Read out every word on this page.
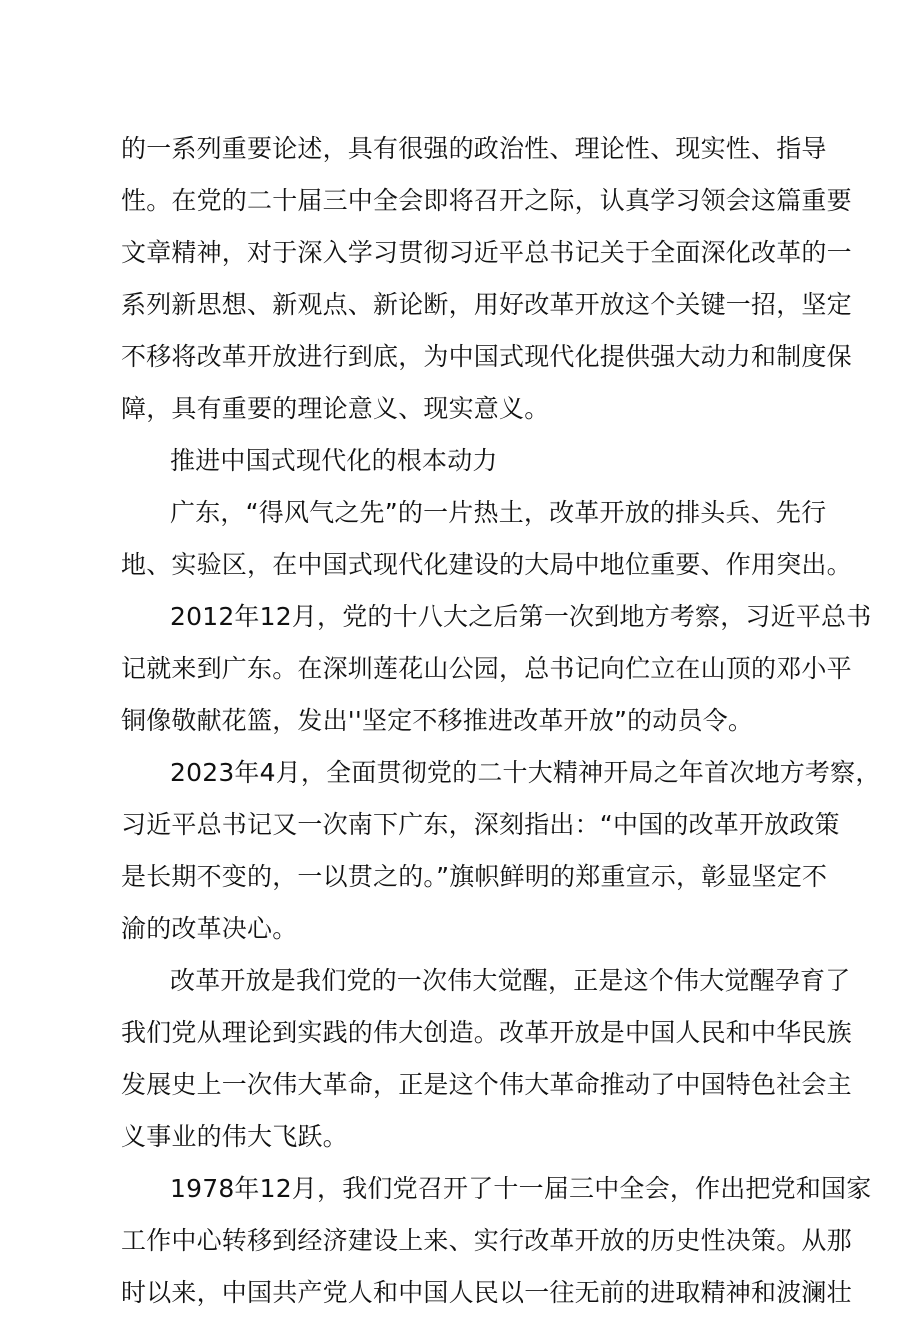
的一系列重要论述，具有很强的政治性、理论性、现实性、指导
性。在党的二十届三中全会即将召开之际，认真学习领会这篇重要
文章精神，对于深入学习贯彻习近平总书记关于全面深化改革的一
系列新思想、新观点、新论断，用好改革开放这个关键一招，坚定
不移将改革开放进行到底，为中国式现代化提供强大动力和制度保
障，具有重要的理论意义、现实意义。
推进中国式现代化的根本动力
广东，“得风气之先”的一片热土，改革开放的排头兵、先行
地、实验区，在中国式现代化建设的大局中地位重要、作用突出。
2012年12月，党的十八大之后第一次到地方考察，习近平总书
记就来到广东。在深圳莲花山公园，总书记向伫立在山顶的邓小平
铜像敬献花篮，发出''坚定不移推进改革开放”的动员令。
2023年4月，全面贯彻党的二十大精神开局之年首次地方考察，
习近平总书记又一次南下广东，深刻指出：“中国的改革开放政策
是长期不变的，一以贯之的。”旗帜鲜明的郑重宣示，彰显坚定不
渝的改革决心。
改革开放是我们党的一次伟大觉醒，正是这个伟大觉醒孕育了
我们党从理论到实践的伟大创造。改革开放是中国人民和中华民族
发展史上一次伟大革命，正是这个伟大革命推动了中国特色社会主
义事业的伟大飞跃。
1978年12月，我们党召开了十一届三中全会，作出把党和国家
工作中心转移到经济建设上来、实行改革开放的历史性决策。从那
时以来，中国共产党人和中国人民以一往无前的进取精神和波澜壮
